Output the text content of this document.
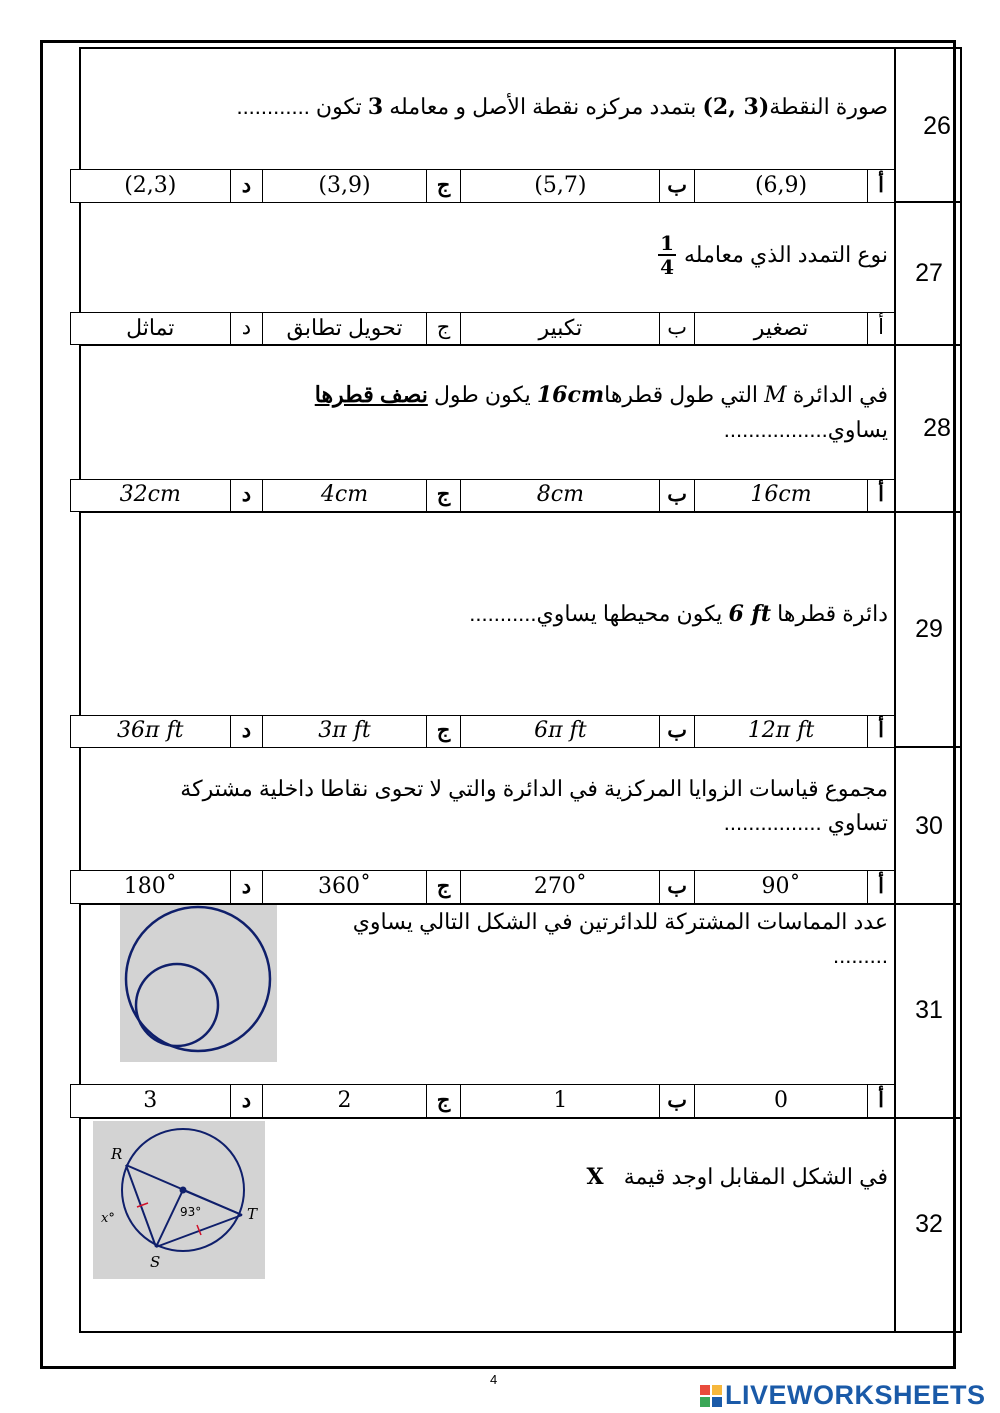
26
صورة النقطة(2, 3) بتمدد مركزه نقطة الأصل و معامله 3 تكون ............
أ
(6,9)
ب
(5,7)
ج
(3,9)
د
(2,3)
27
نوع التمدد الذي معامله
1
4
أ
تصغير
ب
تكبير
ج
تحويل تطابق
د
تماثل
28
في الدائرة M التي طول قطرها16cm يكون طول نصف قطرها
يساوي.................
أ
16cm
ب
8cm
ج
4cm
د
32cm
29
دائرة قطرها 6 ft يكون محيطها يساوي...........
أ
12π ft
ب
6π ft
ج
3π ft
د
36π ft
30
مجموع قياسات الزوايا المركزية في الدائرة والتي لا تحوى نقاطا داخلية مشتركة
تساوي ................
أ
90˚
ب
270˚
ج
360˚
د
180˚
31
عدد المماسات المشتركة للدائرتين في الشكل التالي يساوي
.........
أ
0
ب
1
ج
2
د
3
32
في الشكل المقابل اوجد قيمة X
R
S
T
x°	93°
4
LIVEWORKSHEETS
